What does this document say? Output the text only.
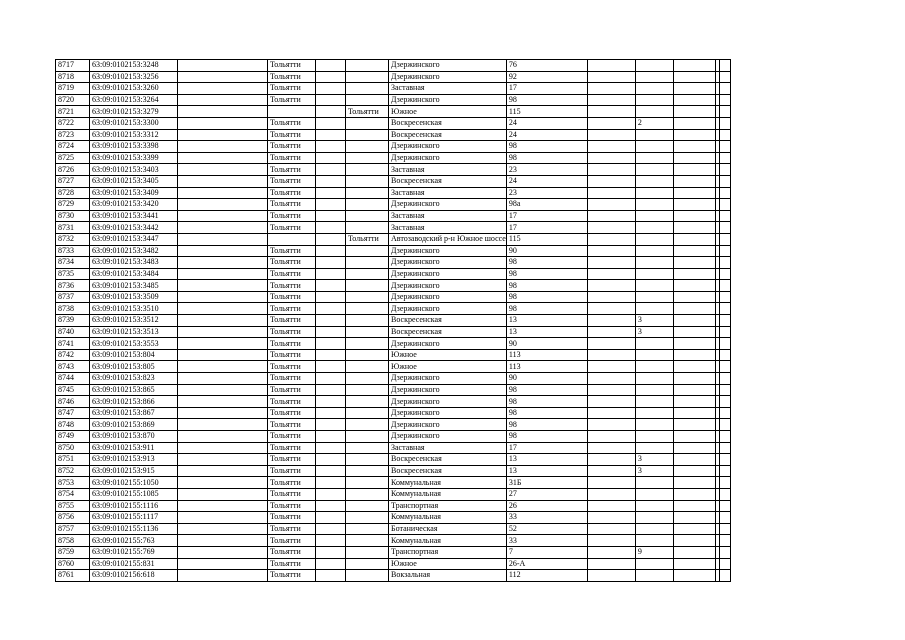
8717	63:09:0102153:3248		Тольятти			Дзержинского	76					
8718	63:09:0102153:3256		Тольятти			Дзержинского	92					
8719	63:09:0102153:3260		Тольятти			Заставная	17					
8720	63:09:0102153:3264		Тольятти			Дзержинского	98					
8721	63:09:0102153:3279				Тольятти	Южное	115					
8722	63:09:0102153:3300		Тольятти			Воскресенская	24		2			
8723	63:09:0102153:3312		Тольятти			Воскресенская	24					
8724	63:09:0102153:3398		Тольятти			Дзержинского	98					
8725	63:09:0102153:3399		Тольятти			Дзержинского	98					
8726	63:09:0102153:3403		Тольятти			Заставная	23					
8727	63:09:0102153:3405		Тольятти			Воскресенская	24					
8728	63:09:0102153:3409		Тольятти			Заставная	23					
8729	63:09:0102153:3420		Тольятти			Дзержинского	98а					
8730	63:09:0102153:3441		Тольятти			Заставная	17					
8731	63:09:0102153:3442		Тольятти			Заставная	17					
8732	63:09:0102153:3447				Тольятти	Автозаводский р-н Южное шоссе	115					
8733	63:09:0102153:3482		Тольятти			Дзержинского	90					
8734	63:09:0102153:3483		Тольятти			Дзержинского	98					
8735	63:09:0102153:3484		Тольятти			Дзержинского	98					
8736	63:09:0102153:3485		Тольятти			Дзержинского	98					
8737	63:09:0102153:3509		Тольятти			Дзержинского	98					
8738	63:09:0102153:3510		Тольятти			Дзержинского	98					
8739	63:09:0102153:3512		Тольятти			Воскресенская	13		3			
8740	63:09:0102153:3513		Тольятти			Воскресенская	13		3			
8741	63:09:0102153:3553		Тольятти			Дзержинского	90					
8742	63:09:0102153:804		Тольятти			Южное	113					
8743	63:09:0102153:805		Тольятти			Южное	113					
8744	63:09:0102153:823		Тольятти			Дзержинского	90					
8745	63:09:0102153:865		Тольятти			Дзержинского	98					
8746	63:09:0102153:866		Тольятти			Дзержинского	98					
8747	63:09:0102153:867		Тольятти			Дзержинского	98					
8748	63:09:0102153:869		Тольятти			Дзержинского	98					
8749	63:09:0102153:870		Тольятти			Дзержинского	98					
8750	63:09:0102153:911		Тольятти			Заставная	17					
8751	63:09:0102153:913		Тольятти			Воскресенская	13		3			
8752	63:09:0102153:915		Тольятти			Воскресенская	13		3			
8753	63:09:0102155:1050		Тольятти			Коммунальная	31Б					
8754	63:09:0102155:1085		Тольятти			Коммунальная	27					
8755	63:09:0102155:1116		Тольятти			Транспортная	26					
8756	63:09:0102155:1117		Тольятти			Коммунальная	33					
8757	63:09:0102155:1136		Тольятти			Ботаническая	52					
8758	63:09:0102155:763		Тольятти			Коммунальная	33					
8759	63:09:0102155:769		Тольятти			Транспортная	7		9			
8760	63:09:0102155:831		Тольятти			Южное	26-А					
8761	63:09:0102156:618		Тольятти			Вокзальная	112					
